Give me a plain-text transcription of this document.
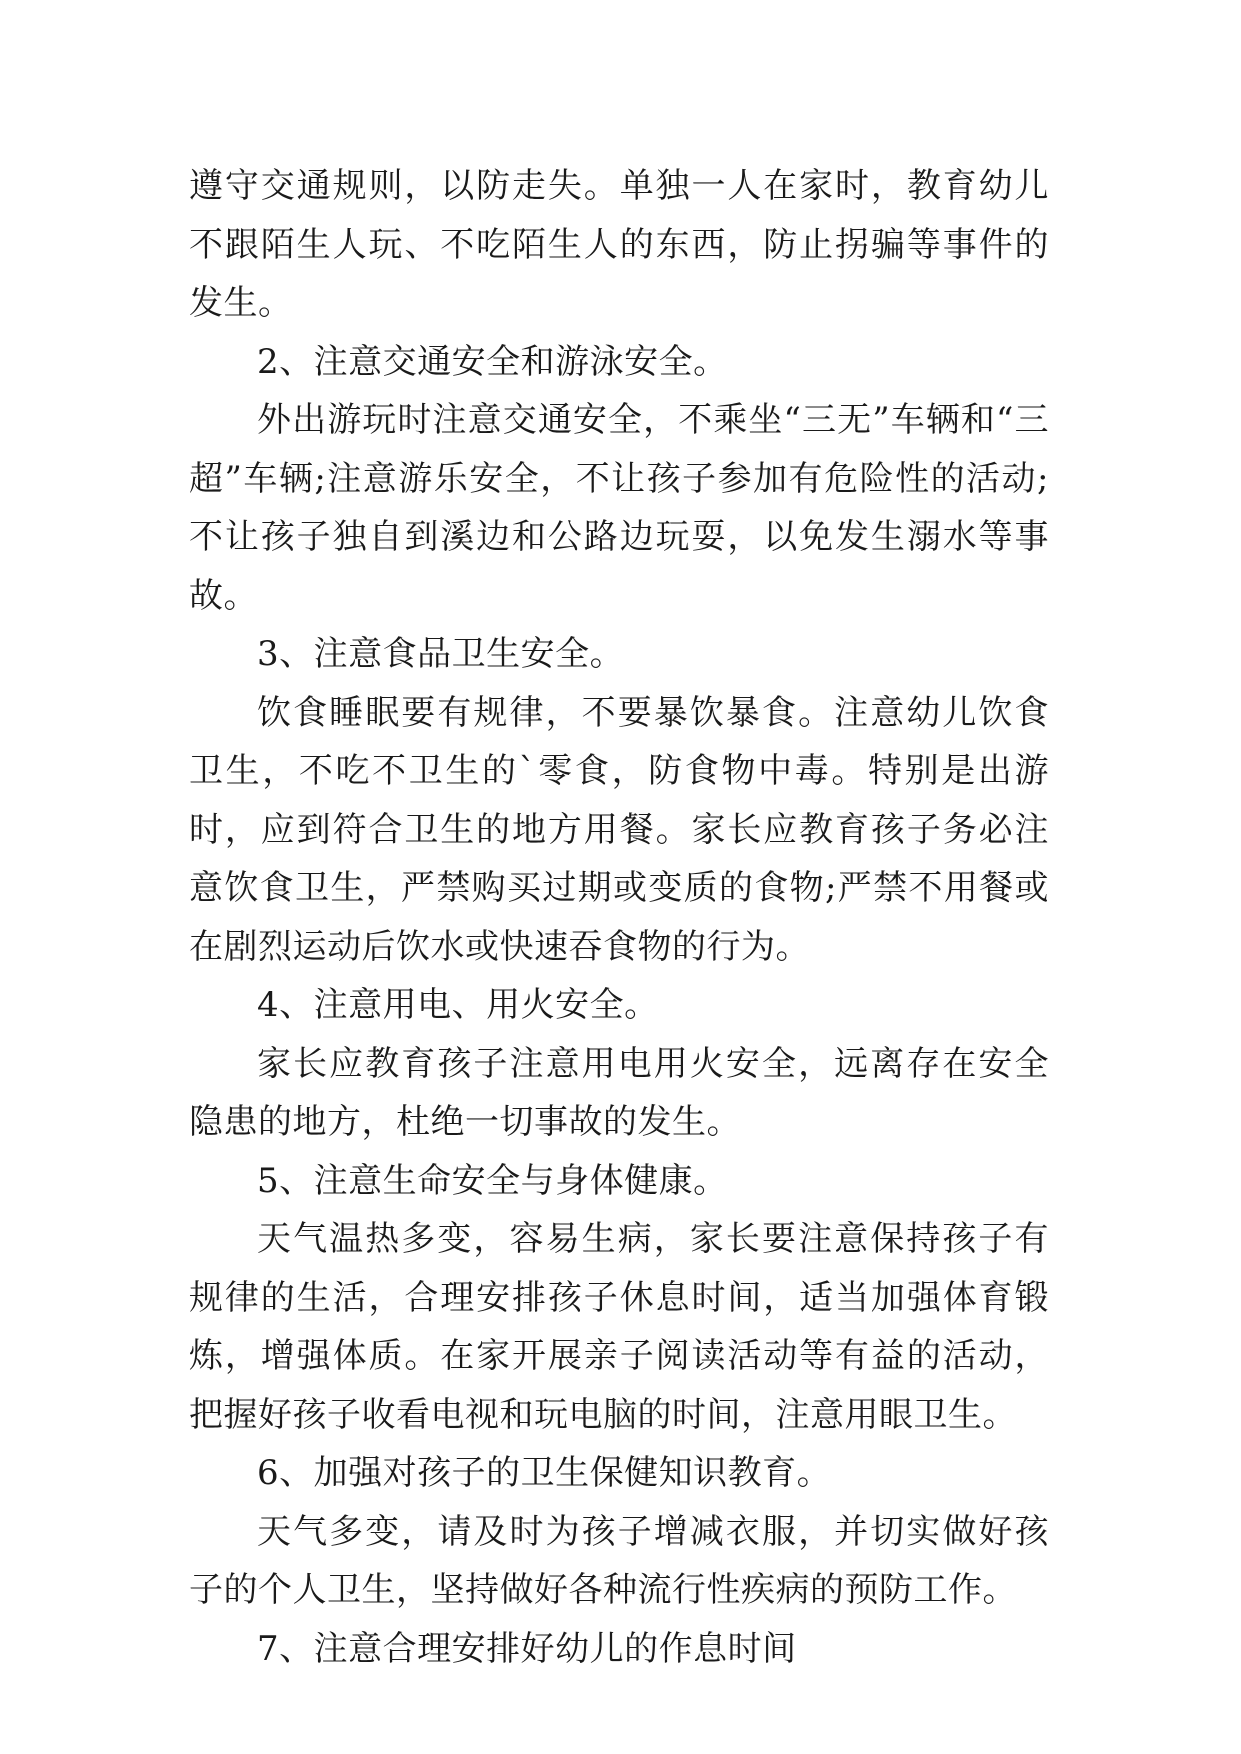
遵守交通规则，以防走失。单独一人在家时，教育幼儿不跟陌生人玩、不吃陌生人的东西，防止拐骗等事件的发生。

2、注意交通安全和游泳安全。

外出游玩时注意交通安全，不乘坐“三无”车辆和“三超”车辆;注意游乐安全，不让孩子参加有危险性的活动;不让孩子独自到溪边和公路边玩耍，以免发生溺水等事故。

3、注意食品卫生安全。

饮食睡眠要有规律，不要暴饮暴食。注意幼儿饮食卫生，不吃不卫生的`零食，防食物中毒。特别是出游时，应到符合卫生的地方用餐。家长应教育孩子务必注意饮食卫生，严禁购买过期或变质的食物;严禁不用餐或在剧烈运动后饮水或快速吞食物的行为。

4、注意用电、用火安全。

家长应教育孩子注意用电用火安全，远离存在安全隐患的地方，杜绝一切事故的发生。

5、注意生命安全与身体健康。

天气温热多变，容易生病，家长要注意保持孩子有规律的生活，合理安排孩子休息时间，适当加强体育锻炼，增强体质。在家开展亲子阅读活动等有益的活动，把握好孩子收看电视和玩电脑的时间，注意用眼卫生。

6、加强对孩子的卫生保健知识教育。

天气多变，请及时为孩子增减衣服，并切实做好孩子的个人卫生，坚持做好各种流行性疾病的预防工作。

7、注意合理安排好幼儿的作息时间
